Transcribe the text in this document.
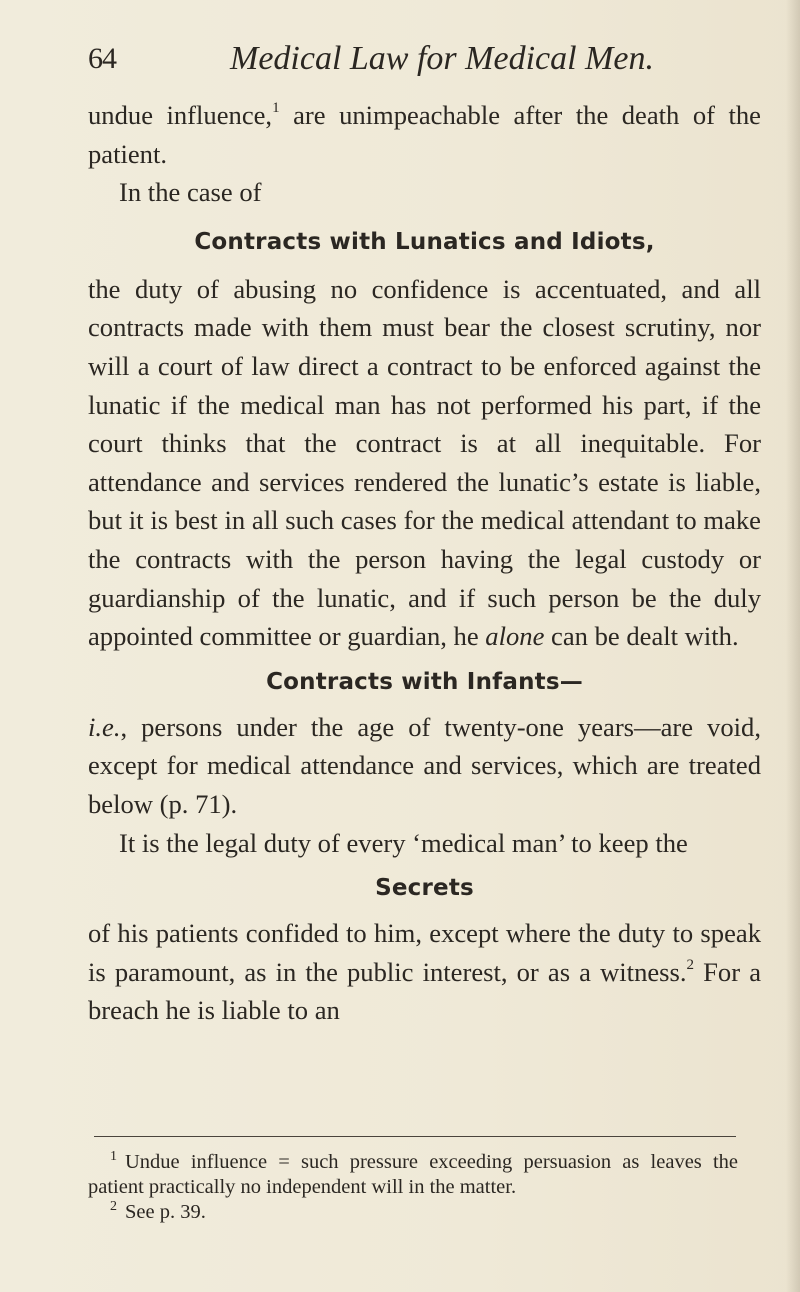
64	Medical Law for Medical Men.

undue influence,$^1$ are unimpeachable after the death of the patient.

In the case of

Contracts with Lunatics and Idiots,

the duty of abusing no confidence is accentuated, and all contracts made with them must bear the closest scrutiny, nor will a court of law direct a contract to be enforced against the lunatic if the medical man has not performed his part, if the court thinks that the contract is at all inequitable. For attendance and services rendered the lunatic’s estate is liable, but it is best in all such cases for the medical attendant to make the contracts with the person having the legal custody or guardianship of the lunatic, and if such person be the duly appointed committee or guardian, he alone can be dealt with.

Contracts with Infants—

i.e., persons under the age of twenty-one years—are void, except for medical attendance and services, which are treated below (p. 71).

It is the legal duty of every ‘medical man’ to keep the

Secrets

of his patients confided to him, except where the duty to speak is paramount, as in the public interest, or as a witness.$^2$ For a breach he is liable to an

$^1$ Undue influence = such pressure exceeding persuasion as leaves the patient practically no independent will in the matter.

$^2$ See p. 39.
